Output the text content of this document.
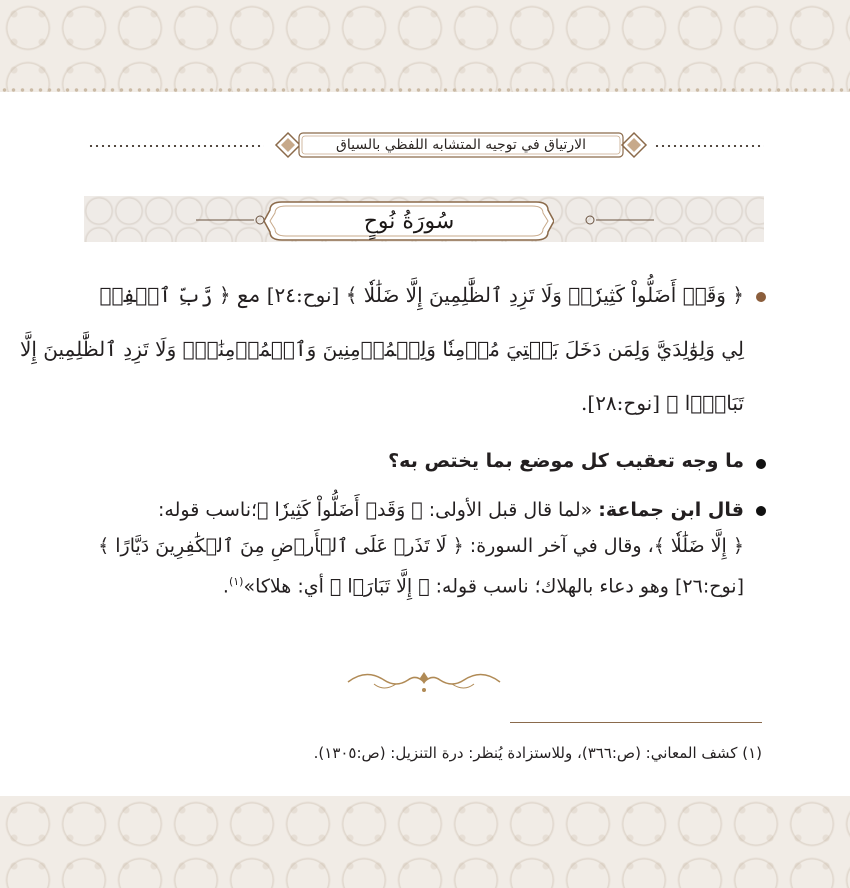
الارتياق في توجيه المتشابه اللفظي بالسياق
سُورَةُ نُوحٍ
﴿ وَقَدۡ أَضَلُّواْ كَثِيرٗاۖ وَلَا تَزِدِ ٱلظَّٰلِمِينَ إِلَّا ضَلَٰلٗا ﴾ [نوح:٢٤] مع ﴿ رَّبِّ ٱغۡفِرۡ
لِي وَلِوَٰلِدَيَّ وَلِمَن دَخَلَ بَيۡتِيَ مُؤۡمِنٗا وَلِلۡمُؤۡمِنِينَ وَٱلۡمُؤۡمِنَٰتِۖ وَلَا تَزِدِ ٱلظَّٰلِمِينَ إِلَّا
تَبَارَۢا ﴾ [نوح:٢٨].
ما وجه تعقيب كل موضع بما يختص به؟
قال ابن جماعة: «لما قال قبل الأولى: ﴿ وَقَدۡ أَضَلُّواْ كَثِيرٗا ﴾؛ناسب قوله:
﴿ إِلَّا ضَلَٰلٗا ﴾، وقال في آخر السورة: ﴿ لَا تَذَرۡ عَلَى ٱلۡأَرۡضِ مِنَ ٱلۡكَٰفِرِينَ دَيَّارًا ﴾
[نوح:٢٦] وهو دعاء بالهلاك؛ ناسب قوله: ﴿ إِلَّا تَبَارَۢا ﴾ أي: هلاكا»$^{(١)}$.
(١) كشف المعاني: (ص:٣٦٦)، وللاستزادة يُنظر: درة التنزيل: (ص:١٣٠٥).
